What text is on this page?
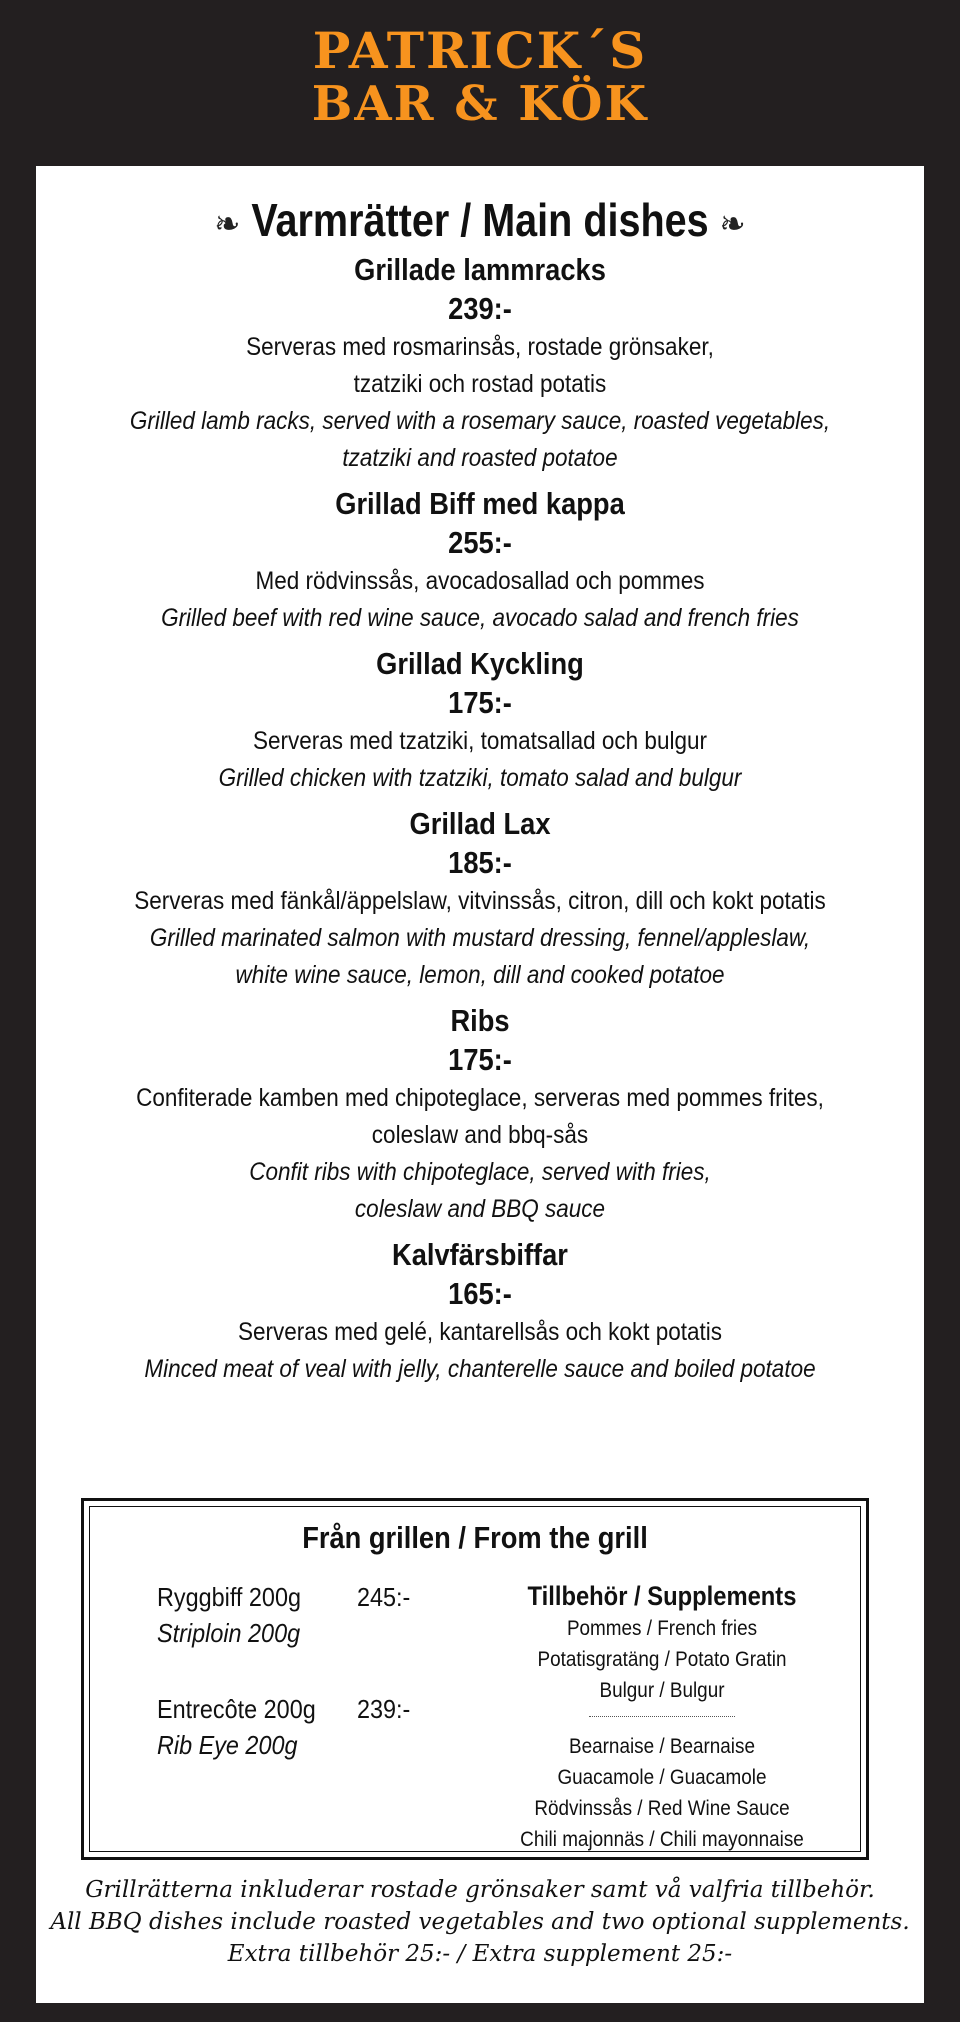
PATRICK´S
BAR & KÖK
❧ Varmrätter / Main dishes ❧
Grillade lammracks
239:-
Serveras med rosmarinsås, rostade grönsaker,
tzatziki och rostad potatis
Grilled lamb racks, served with a rosemary sauce, roasted vegetables,
tzatziki and roasted potatoe
Grillad Biff med kappa
255:-
Med rödvinssås, avocadosallad och pommes
Grilled beef with red wine sauce, avocado salad and french fries
Grillad Kyckling
175:-
Serveras med tzatziki, tomatsallad och bulgur
Grilled chicken with tzatziki, tomato salad and bulgur
Grillad Lax
185:-
Serveras med fänkål/äppelslaw, vitvinssås, citron, dill och kokt potatis
Grilled marinated salmon with mustard dressing, fennel/appleslaw,
white wine sauce, lemon, dill and cooked potatoe
Ribs
175:-
Confiterade kamben med chipoteglace, serveras med pommes frites,
coleslaw and bbq-sås
Confit ribs with chipoteglace, served with fries,
coleslaw and BBQ sauce
Kalvfärsbiffar
165:-
Serveras med gelé, kantarellsås och kokt potatis
Minced meat of veal with jelly, chanterelle sauce and boiled potatoe
Från grillen / From the grill
Ryggbiff 200g 245:-
Striploin 200g
Entrecôte 200g 239:-
Rib Eye 200g
Tillbehör / Supplements
Pommes / French fries
Potatisgratäng / Potato Gratin
Bulgur / Bulgur
Bearnaise / Bearnaise
Guacamole / Guacamole
Rödvinssås / Red Wine Sauce
Chili majonnäs / Chili mayonnaise
Grillrätterna inkluderar rostade grönsaker samt vå valfria tillbehör.
All BBQ dishes include roasted vegetables and two optional supplements.
Extra tillbehör 25:- / Extra supplement 25:-
